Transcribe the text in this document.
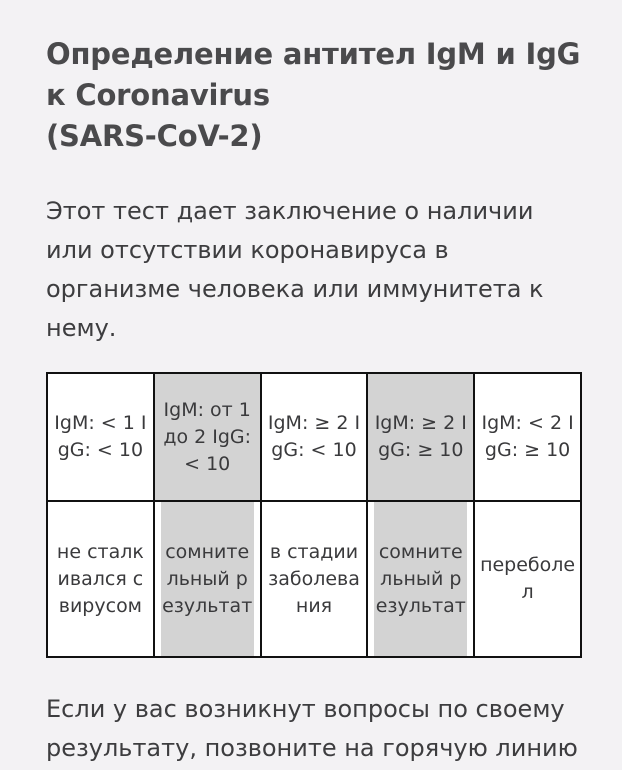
Определение антител IgM и IgG
к Coronavirus
(SARS-CoV-2)

Этот тест дает заключение о наличии или отсутствии коронавируса в организме человека или иммунитета к нему.

IgM: < 1 IgG: < 10	IgM: от 1 до 2 IgG: < 10	IgM: ≥ 2 IgG: < 10	IgM: ≥ 2 IgG: ≥ 10	IgM: < 2 IgG: ≥ 10

не сталкивался с вирусом	сомнительный результат	в стадии заболевания	сомнительный результат	переболел

Если у вас возникнут вопросы по своему результату, позвоните на горячую линию
